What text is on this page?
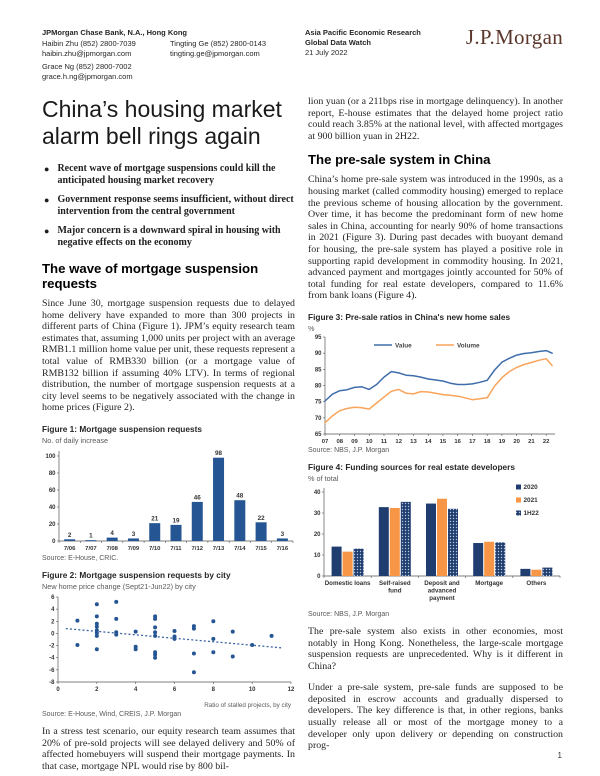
JPMorgan Chase Bank, N.A., Hong Kong
Haibin Zhu (852) 2800-7039
haibin.zhu@jpmorgan.com
Grace Ng (852) 2800-7002
grace.h.ng@jpmorgan.com
Tingting Ge (852) 2800-0143
tingting.ge@jpmorgan.com
Asia Pacific Economic Research
Global Data Watch
21 July 2022
J.P.Morgan
China’s housing market alarm bell rings again
● Recent wave of mortgage suspensions could kill the anticipated housing market recovery
● Government response seems insufficient, without direct intervention from the central government
● Major concern is a downward spiral in housing with negative effects on the economy
The wave of mortgage suspension requests

Since June 30, mortgage suspension requests due to delayed home delivery have expanded to more than 300 projects in different parts of China (Figure 1). JPM’s equity research team estimates that, assuming 1,000 units per project with an average RMB1.1 million home value per unit, these requests represent a total value of RMB330 billion (or a mortgage value of RMB132 billion if assuming 40% LTV). In terms of regional distribution, the number of mortgage suspension requests at a city level seems to be negatively associated with the change in home prices (Figure 2).

Figure 1: Mortgage suspension requests
No. of daily increase
0
20
40
60
80
100
2
7/06
1
7/07
4
7/08
3
7/09
21
7/10
19
7/11
46
7/12
98
7/13
48
7/14
22
7/15
3
7/16
Source: E-House, CRIC.
Figure 2: Mortgage suspension requests by city
New home price change (Sept21-Jun22) by city
6
4
2
0
-2
-4
-6
-8
0	2	4	6	8	10	12
Ratio of stalled projects, by city
Source: E-House, Wind, CREIS, J.P. Morgan

In a stress test scenario, our equity research team assumes that 20% of pre-sold projects will see delayed delivery and 50% of affected homebuyers will suspend their mortgage payments. In that case, mortgage NPL would rise by 800 bil-

lion yuan (or a 211bps rise in mortgage delinquency). In another report, E-house estimates that the delayed home project ratio could reach 3.85% at the national level, with affected mortgages at 900 billion yuan in 2H22.

The pre-sale system in China

China’s home pre-sale system was introduced in the 1990s, as a housing market (called commodity housing) emerged to replace the previous scheme of housing allocation by the government. Over time, it has become the predominant form of new home sales in China, accounting for nearly 90% of home transactions in 2021 (Figure 3). During past decades with buoyant demand for housing, the pre-sale system has played a positive role in supporting rapid development in commodity housing. In 2021, advanced payment and mortgages jointly accounted for 50% of total funding for real estate developers, compared to 11.6% from bank loans (Figure 4).

Figure 3: Pre-sale ratios in China's new home sales
%
65
70
75
80
85
90
95
07 08 09 10 11 12 13 14 15 16 17 18 19 20 21 22
Value	Volume
Source: NBS, J.P. Morgan
Figure 4: Funding sources for real estate developers
% of total
0
10
20
30
40
Domestic loans Self-raised
fund
Deposit and
advanced
payment
Mortgage	Others
2020
2021
1H22
Source: NBS, J.P. Morgan

The pre-sale system also exists in other economies, most notably in Hong Kong. Nonetheless, the large-scale mortgage suspension requests are unprecedented. Why is it different in China?

Under a pre-sale system, pre-sale funds are supposed to be deposited in escrow accounts and gradually dispersed to developers. The key difference is that, in other regions, banks usually release all or most of the mortgage money to a developer only upon delivery or depending on construction prog-

1
